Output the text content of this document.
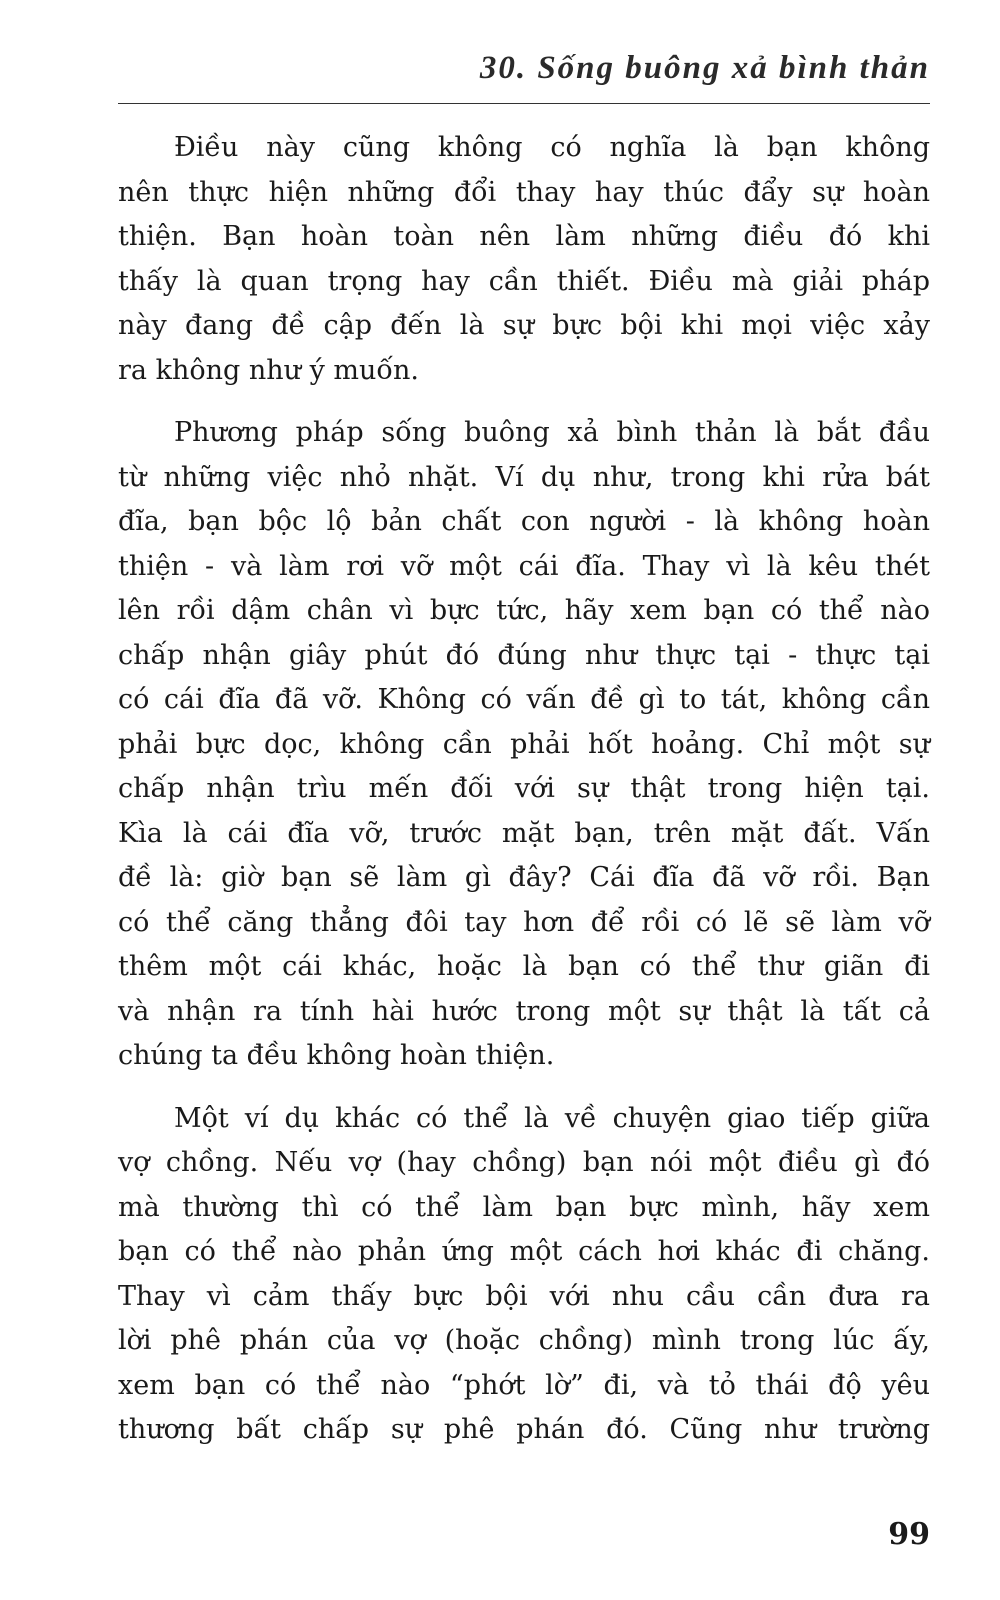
30. Sống buông xả bình thản

Điều này cũng không có nghĩa là bạn không
nên thực hiện những đổi thay hay thúc đẩy sự hoàn
thiện. Bạn hoàn toàn nên làm những điều đó khi
thấy là quan trọng hay cần thiết. Điều mà giải pháp
này đang đề cập đến là sự bực bội khi mọi việc xảy
ra không như ý muốn.

Phương pháp sống buông xả bình thản là bắt đầu
từ những việc nhỏ nhặt. Ví dụ như, trong khi rửa bát
đĩa, bạn bộc lộ bản chất con người - là không hoàn
thiện - và làm rơi vỡ một cái đĩa. Thay vì là kêu thét
lên rồi dậm chân vì bực tức, hãy xem bạn có thể nào
chấp nhận giây phút đó đúng như thực tại - thực tại
có cái đĩa đã vỡ. Không có vấn đề gì to tát, không cần
phải bực dọc, không cần phải hốt hoảng. Chỉ một sự
chấp nhận trìu mến đối với sự thật trong hiện tại.
Kìa là cái đĩa vỡ, trước mặt bạn, trên mặt đất. Vấn
đề là: giờ bạn sẽ làm gì đây? Cái đĩa đã vỡ rồi. Bạn
có thể căng thẳng đôi tay hơn để rồi có lẽ sẽ làm vỡ
thêm một cái khác, hoặc là bạn có thể thư giãn đi
và nhận ra tính hài hước trong một sự thật là tất cả
chúng ta đều không hoàn thiện.

Một ví dụ khác có thể là về chuyện giao tiếp giữa
vợ chồng. Nếu vợ (hay chồng) bạn nói một điều gì đó
mà thường thì có thể làm bạn bực mình, hãy xem
bạn có thể nào phản ứng một cách hơi khác đi chăng.
Thay vì cảm thấy bực bội với nhu cầu cần đưa ra
lời phê phán của vợ (hoặc chồng) mình trong lúc ấy,
xem bạn có thể nào “phớt lờ” đi, và tỏ thái độ yêu
thương bất chấp sự phê phán đó. Cũng như trường

99
